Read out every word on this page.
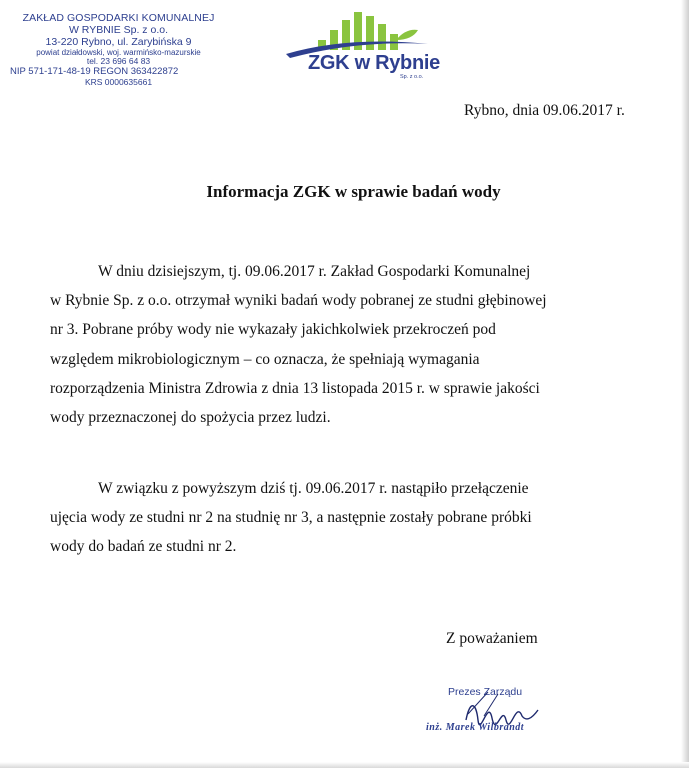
ZAKŁAD GOSPODARKI KOMUNALNEJ
W RYBNIE Sp. z o.o.
13-220 Rybno, ul. Zarybińska 9
powiat działdowski, woj. warmińsko-mazurskie
tel. 23 696 64 83
NIP 571-171-48-19 REGON 363422872
KRS 0000635661
ZGK w Rybnie
Sp. z o.o.
Rybno, dnia 09.06.2017 r.
Informacja ZGK w sprawie badań wody
W dniu dzisiejszym, tj. 09.06.2017 r. Zakład Gospodarki Komunalnej
w Rybnie Sp. z o.o. otrzymał wyniki badań wody pobranej ze studni głębinowej
nr 3. Pobrane próby wody nie wykazały jakichkolwiek przekroczeń pod
względem mikrobiologicznym – co oznacza, że spełniają wymagania
rozporządzenia Ministra Zdrowia z dnia 13 listopada 2015 r. w sprawie jakości
wody przeznaczonej do spożycia przez ludzi.
W związku z powyższym dziś tj. 09.06.2017 r. nastąpiło przełączenie
ujęcia wody ze studni nr 2 na studnię nr 3, a następnie zostały pobrane próbki
wody do badań ze studni nr 2.
Z poważaniem
Prezes Zarządu
inż. Marek Wilbrandt
